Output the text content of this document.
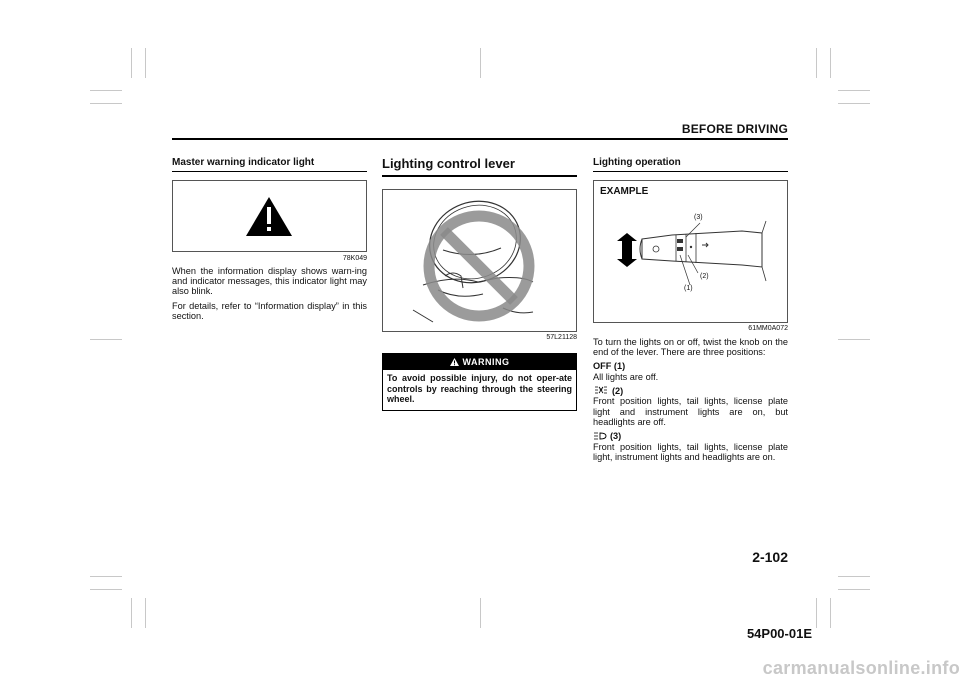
BEFORE DRIVING
Master warning indicator light
78K049

When the information display shows warn-ing and indicator messages, this indicator light may also blink.

For details, refer to “Information display” in this section.

Lighting control lever
57L21128
WARNING
To avoid possible injury, do not oper-ate controls by reaching through the steering wheel.
Lighting operation
EXAMPLE
(3)
(2)
(1)
61MM0A072

To turn the lights on or off, twist the knob on the end of the lever. There are three positions:

OFF (1)
All lights are off.
(2)
Front position lights, tail lights, license plate light and instrument lights are on, but headlights are off.
(3)
Front position lights, tail lights, license plate light, instrument lights and headlights are on.
2-102
54P00-01E
carmanualsonline.info
